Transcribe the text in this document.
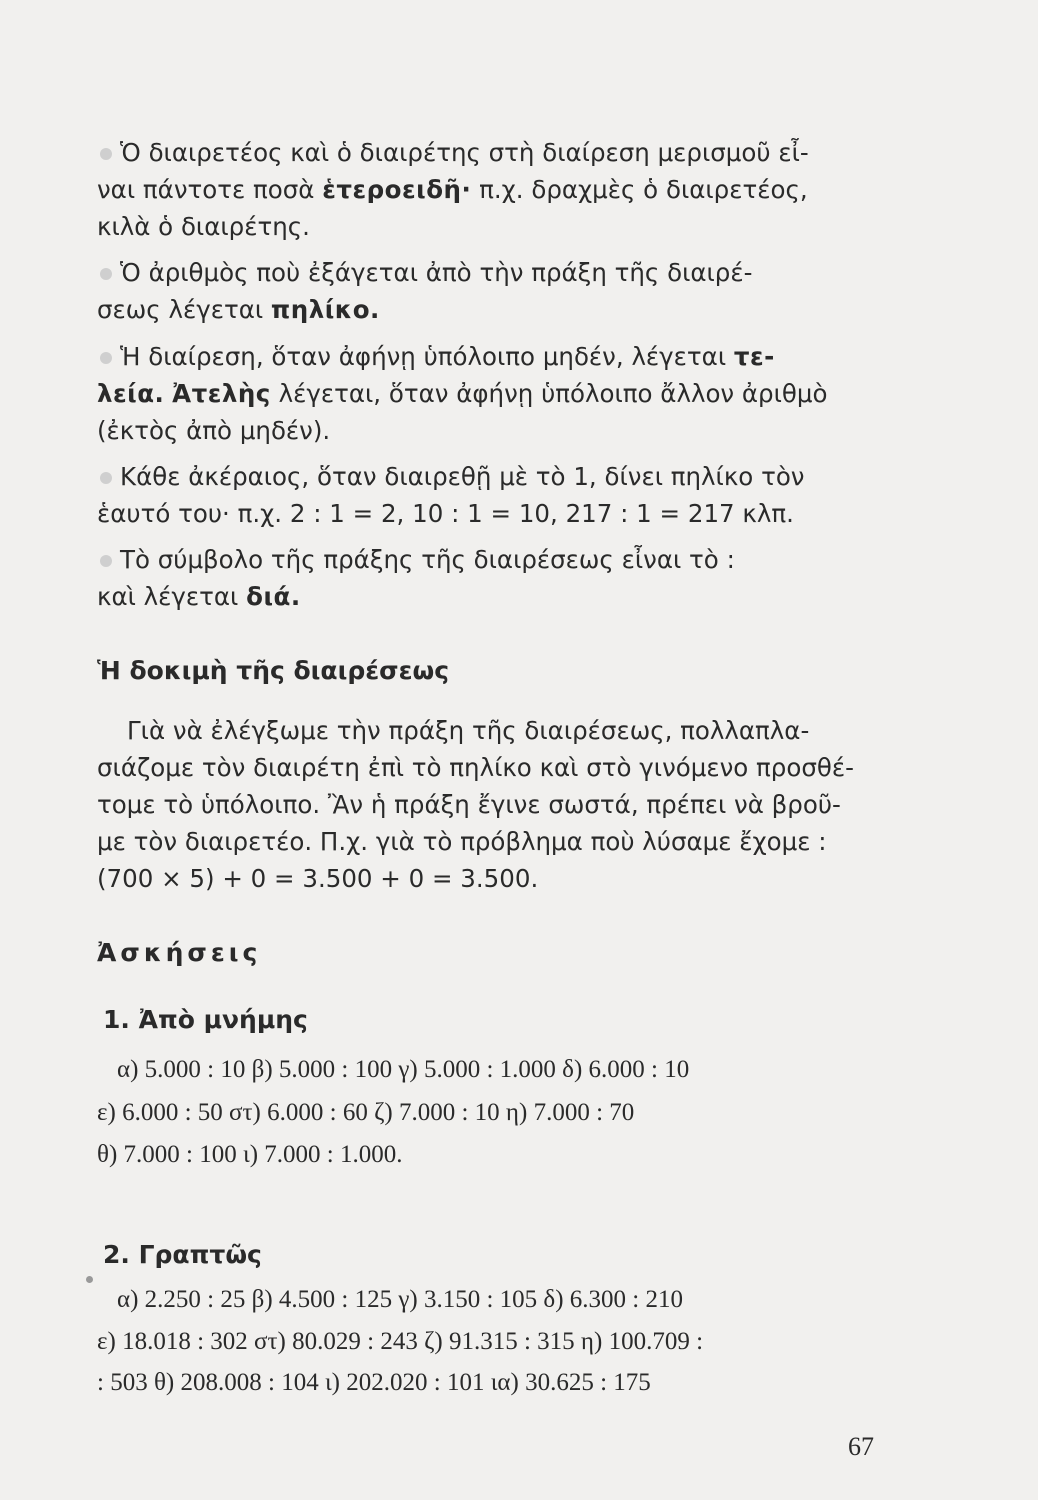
Ὁ διαιρετέος καὶ ὁ διαιρέτης στὴ διαίρεση μερισμοῦ εἶ-
ναι πάντοτε ποσὰ ἑτεροειδῆ· π.χ. δραχμὲς ὁ διαιρετέος,
κιλὰ ὁ διαιρέτης.
Ὁ ἀριθμὸς ποὺ ἐξάγεται ἀπὸ τὴν πράξη τῆς διαιρέ-
σεως λέγεται πηλίκο.
Ἡ διαίρεση, ὅταν ἀφήνῃ ὑπόλοιπο μηδέν, λέγεται τε-
λεία. Ἀτελὴς λέγεται, ὅταν ἀφήνῃ ὑπόλοιπο ἄλλον ἀριθμὸ
(ἐκτὸς ἀπὸ μηδέν).
Κάθε ἀκέραιος, ὅταν διαιρεθῇ μὲ τὸ 1, δίνει πηλίκο τὸν
ἑαυτό του· π.χ. 2 : 1 = 2, 10 : 1 = 10, 217 : 1 = 217 κλπ.
Τὸ σύμβολο τῆς πράξης τῆς διαιρέσεως εἶναι τὸ :
καὶ λέγεται διά.
Ἡ δοκιμὴ τῆς διαιρέσεως
Γιὰ νὰ ἐλέγξωμε τὴν πράξη τῆς διαιρέσεως, πολλαπλα-
σιάζομε τὸν διαιρέτη ἐπὶ τὸ πηλίκο καὶ στὸ γινόμενο προσθέ-
τομε τὸ ὑπόλοιπο. Ἂν ἡ πράξη ἔγινε σωστά, πρέπει νὰ βροῦ-
με τὸν διαιρετέο. Π.χ. γιὰ τὸ πρόβλημα ποὺ λύσαμε ἔχομε :
(700 × 5) + 0 = 3.500 + 0 = 3.500.
Ἀσκήσεις
1. Ἀπὸ μνήμης
α) 5.000 : 10 β) 5.000 : 100 γ) 5.000 : 1.000 δ) 6.000 : 10
ε) 6.000 : 50 στ) 6.000 : 60 ζ) 7.000 : 10 η) 7.000 : 70
θ) 7.000 : 100 ι) 7.000 : 1.000.
2. Γραπτῶς
α) 2.250 : 25 β) 4.500 : 125 γ) 3.150 : 105 δ) 6.300 : 210
ε) 18.018 : 302 στ) 80.029 : 243 ζ) 91.315 : 315 η) 100.709 :
: 503 θ) 208.008 : 104 ι) 202.020 : 101 ια) 30.625 : 175
67
